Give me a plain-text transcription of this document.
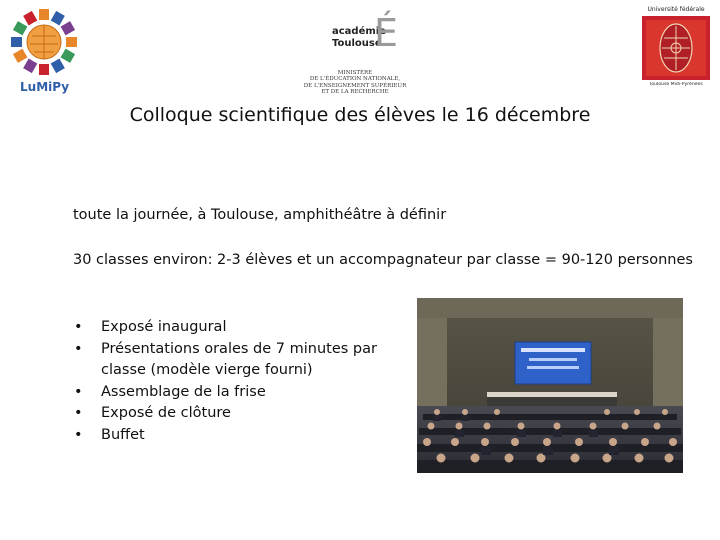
LuMiPy
académie
Toulouse
É
MINISTÈRE
DE L'ÉDUCATION NATIONALE,
DE L'ENSEIGNEMENT SUPÉRIEUR
ET DE LA RECHERCHE
Université fédérale
Toulouse Midi-Pyrénées
Colloque scientifique des élèves le 16 décembre
toute la journée, à Toulouse, amphithéâtre à définir
30 classes environ: 2-3 élèves et un accompagnateur par classe = 90-120 personnes
• Exposé inaugural
• Présentations orales de 7 minutes par classe (modèle vierge fourni)
• Assemblage de la frise
• Exposé de clôture
• Buffet
